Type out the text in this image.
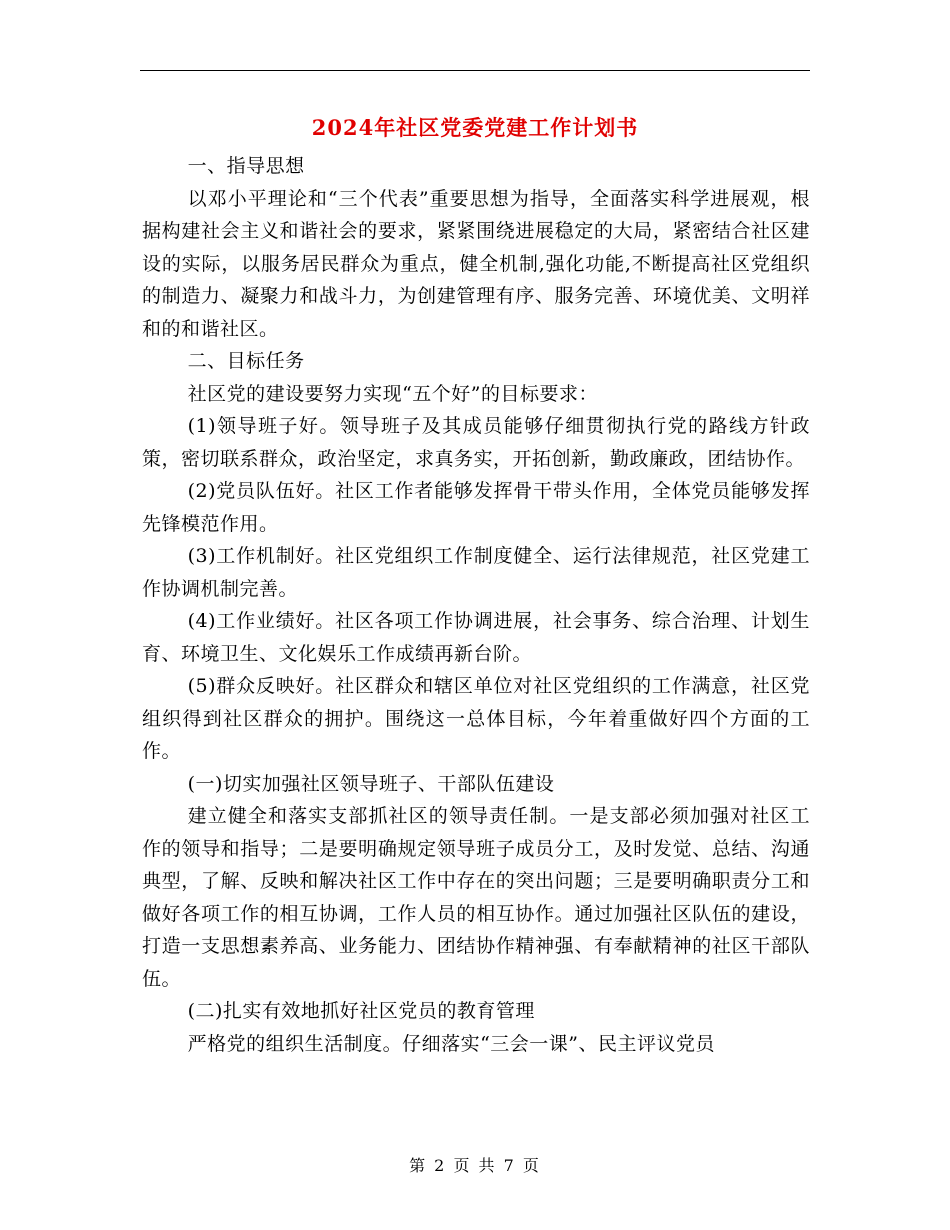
2024年社区党委党建工作计划书

一、指导思想

以邓小平理论和“三个代表”重要思想为指导，全面落实科学进展观，根据构建社会主义和谐社会的要求，紧紧围绕进展稳定的大局，紧密结合社区建设的实际，以服务居民群众为重点，健全机制,强化功能,不断提高社区党组织的制造力、凝聚力和战斗力，为创建管理有序、服务完善、环境优美、文明祥和的和谐社区。

二、目标任务

社区党的建设要努力实现“五个好”的目标要求：

(1)领导班子好。领导班子及其成员能够仔细贯彻执行党的路线方针政策，密切联系群众，政治坚定，求真务实，开拓创新，勤政廉政，团结协作。

(2)党员队伍好。社区工作者能够发挥骨干带头作用，全体党员能够发挥先锋模范作用。

(3)工作机制好。社区党组织工作制度健全、运行法律规范，社区党建工作协调机制完善。

(4)工作业绩好。社区各项工作协调进展，社会事务、综合治理、计划生育、环境卫生、文化娱乐工作成绩再新台阶。

(5)群众反映好。社区群众和辖区单位对社区党组织的工作满意，社区党组织得到社区群众的拥护。围绕这一总体目标，今年着重做好四个方面的工作。

(一)切实加强社区领导班子、干部队伍建设

建立健全和落实支部抓社区的领导责任制。一是支部必须加强对社区工作的领导和指导；二是要明确规定领导班子成员分工，及时发觉、总结、沟通典型，了解、反映和解决社区工作中存在的突出问题；三是要明确职责分工和做好各项工作的相互协调，工作人员的相互协作。通过加强社区队伍的建设，打造一支思想素养高、业务能力、团结协作精神强、有奉献精神的社区干部队伍。

(二)扎实有效地抓好社区党员的教育管理

严格党的组织生活制度。仔细落实“三会一课”、民主评议党员

第 2 页 共 7 页
